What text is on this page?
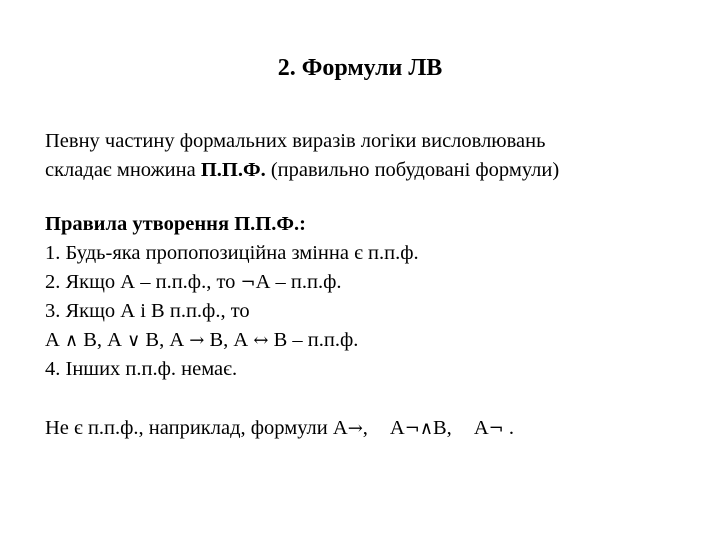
2. Формули ЛВ
Певну частину формальних виразів логіки висловлювань
складає множина П.П.Ф. (правильно побудовані формули)
Правила утворення П.П.Ф.:
1. Будь-яка пропопозиційна змінна є п.п.ф.
2. Якщо А – п.п.ф., то ¬А – п.п.ф.
3. Якщо А і В п.п.ф., то
А ∧ В, А ∨ В, А → В, А ↔ В – п.п.ф.
4. Інших п.п.ф. немає.
Не є п.п.ф., наприклад, формули А→, А¬∧В, А¬ .
